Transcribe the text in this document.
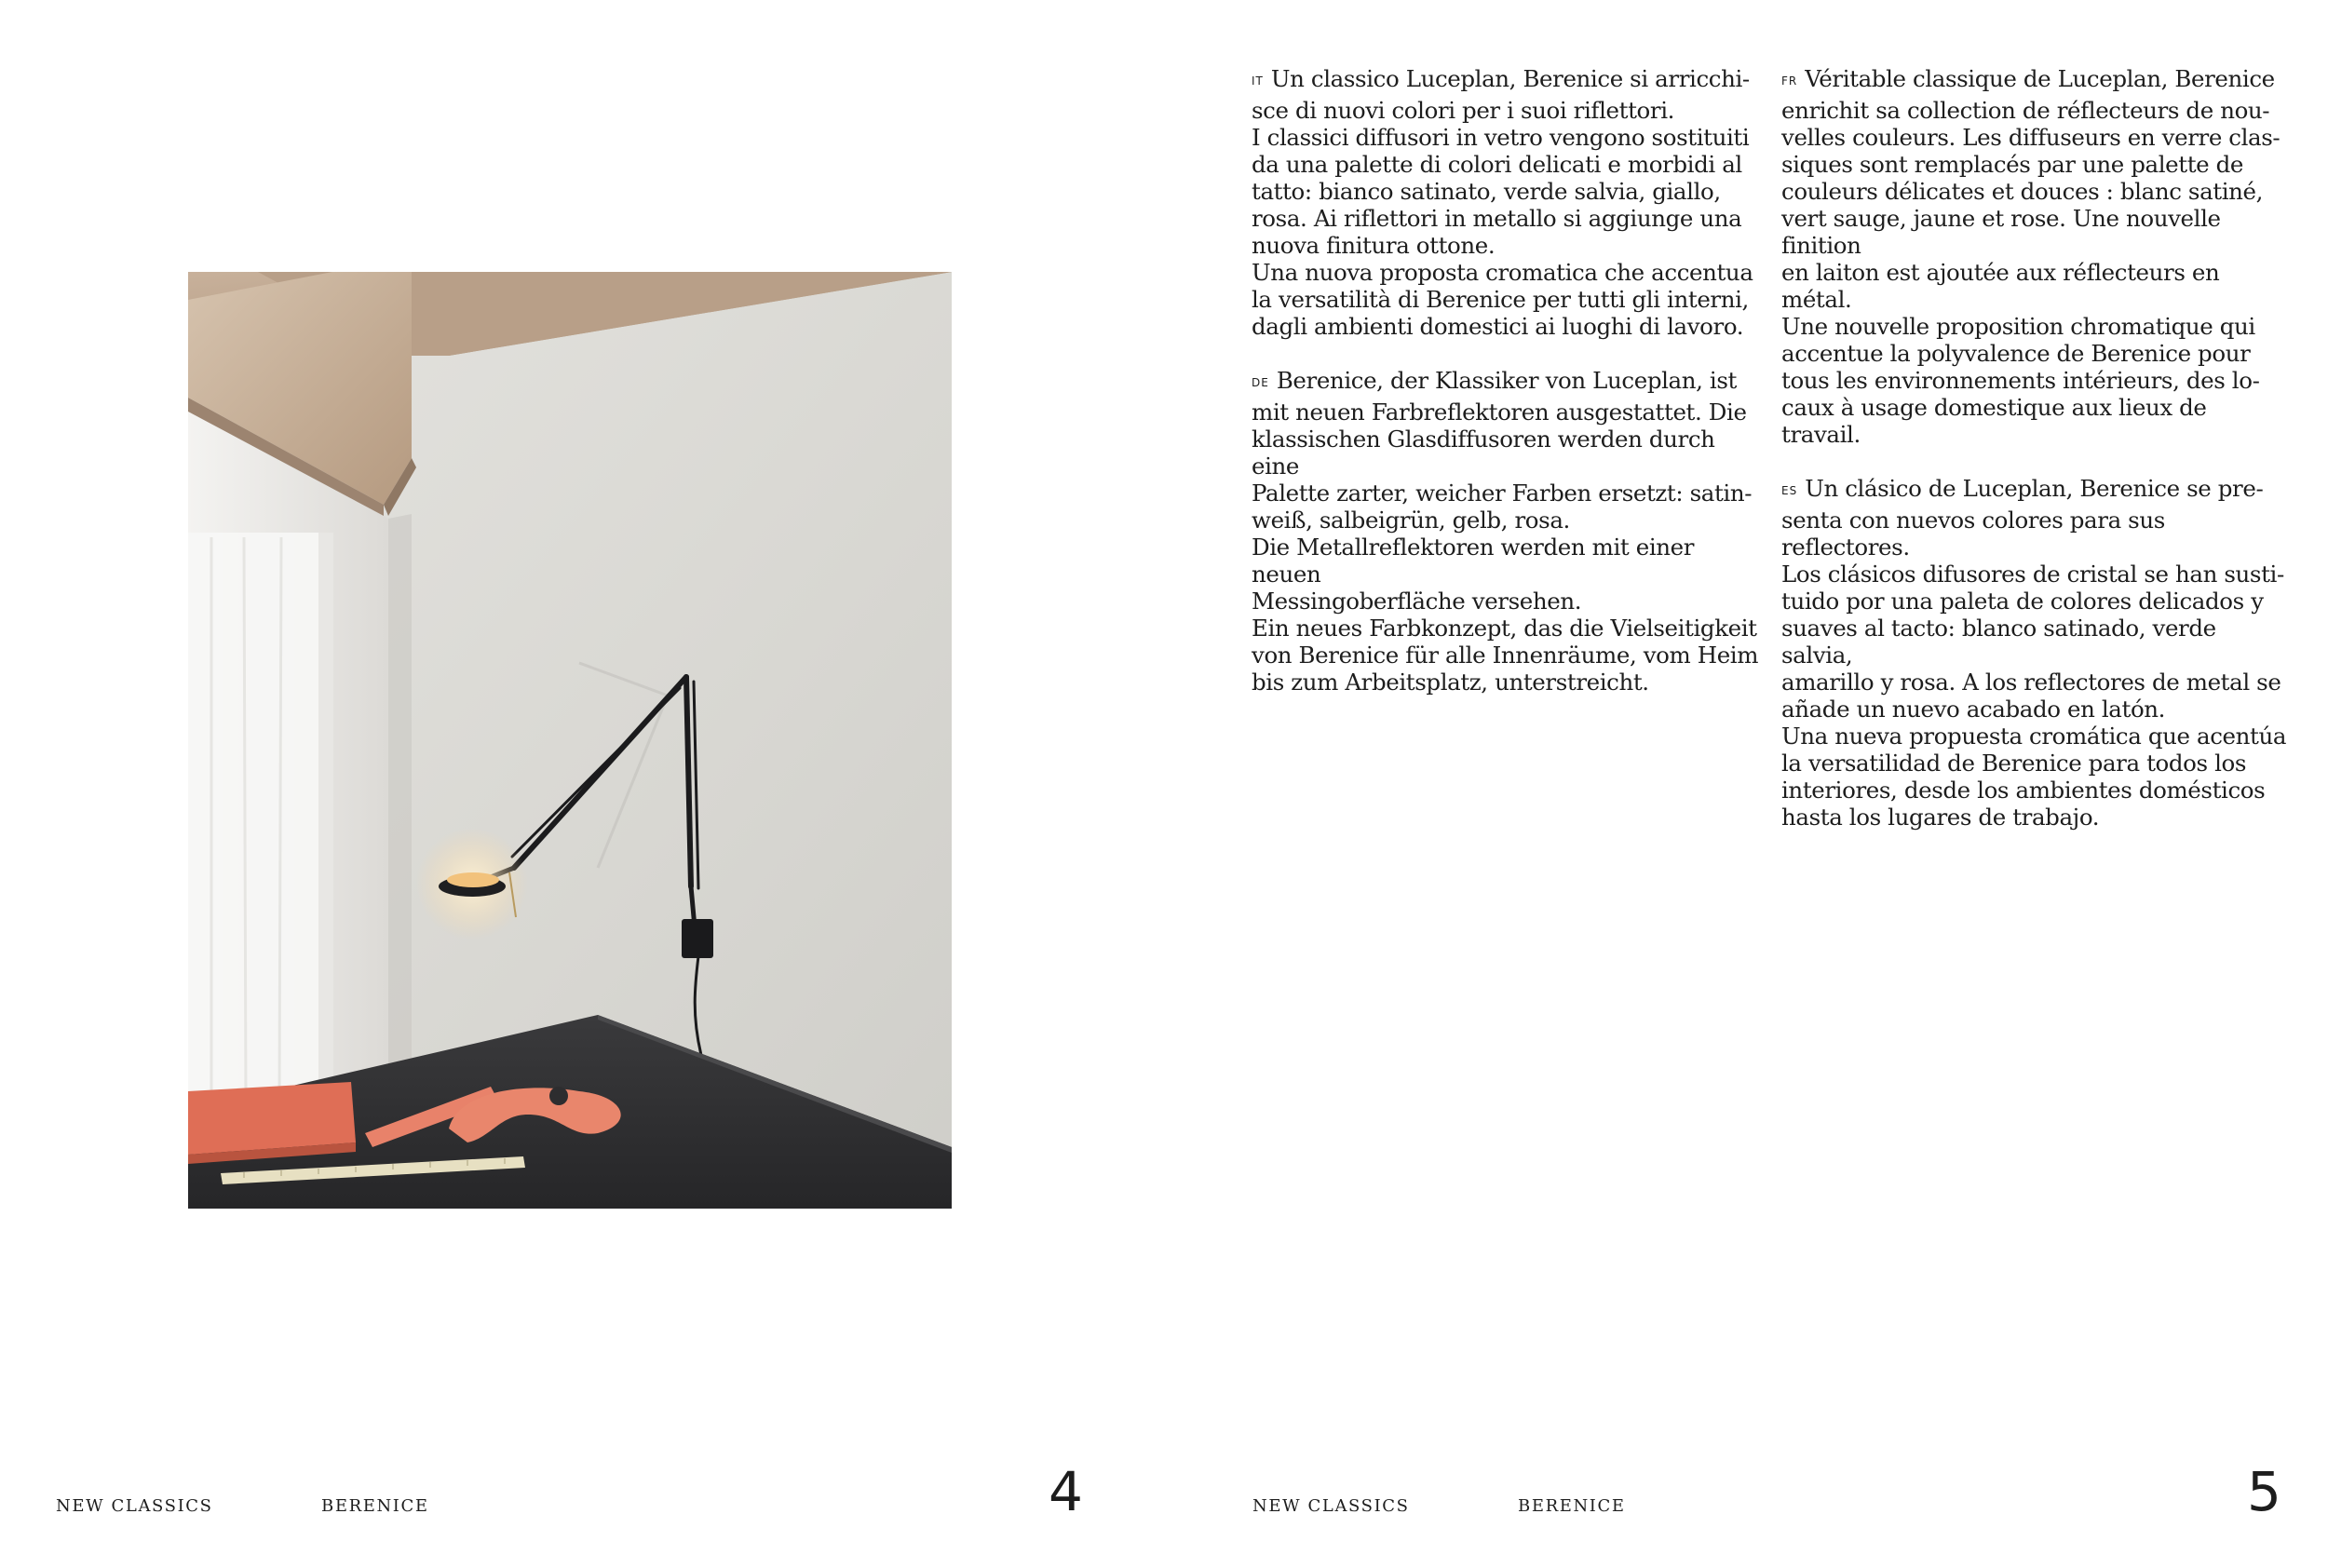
NEW CLASSICS	BERENICE	4

IT Un classico Luceplan, Berenice si arricchi-

sce di nuovi colori per i suoi riflettori.

I classici diffusori in vetro vengono sostituiti

da una palette di colori delicati e morbidi al

tatto: bianco satinato, verde salvia, giallo,

rosa. Ai riflettori in metallo si aggiunge una

nuova finitura ottone.

Una nuova proposta cromatica che accentua

la versatilità di Berenice per tutti gli interni,

dagli ambienti domestici ai luoghi di lavoro.

DE Berenice, der Klassiker von Luceplan, ist

mit neuen Farbreflektoren ausgestattet. Die

klassischen Glasdiffusoren werden durch eine

Palette zarter, weicher Farben ersetzt: satin-

weiß, salbeigrün, gelb, rosa.

Die Metallreflektoren werden mit einer neuen

Messingoberfläche versehen.

Ein neues Farbkonzept, das die Vielseitigkeit

von Berenice für alle Innenräume, vom Heim

bis zum Arbeitsplatz, unterstreicht.

FR Véritable classique de Luceplan, Berenice

enrichit sa collection de réflecteurs de nou-

velles couleurs. Les diffuseurs en verre clas-

siques sont remplacés par une palette de

couleurs délicates et douces : blanc satiné,

vert sauge, jaune et rose. Une nouvelle finition

en laiton est ajoutée aux réflecteurs en métal.

Une nouvelle proposition chromatique qui

accentue la polyvalence de Berenice pour

tous les environnements intérieurs, des lo-

caux à usage domestique aux lieux de travail.

ES Un clásico de Luceplan, Berenice se pre-

senta con nuevos colores para sus reflectores.

Los clásicos difusores de cristal se han susti-

tuido por una paleta de colores delicados y

suaves al tacto: blanco satinado, verde salvia,

amarillo y rosa. A los reflectores de metal se

añade un nuevo acabado en latón.

Una nueva propuesta cromática que acentúa

la versatilidad de Berenice para todos los

interiores, desde los ambientes domésticos

hasta los lugares de trabajo.

NEW CLASSICS	BERENICE	5
